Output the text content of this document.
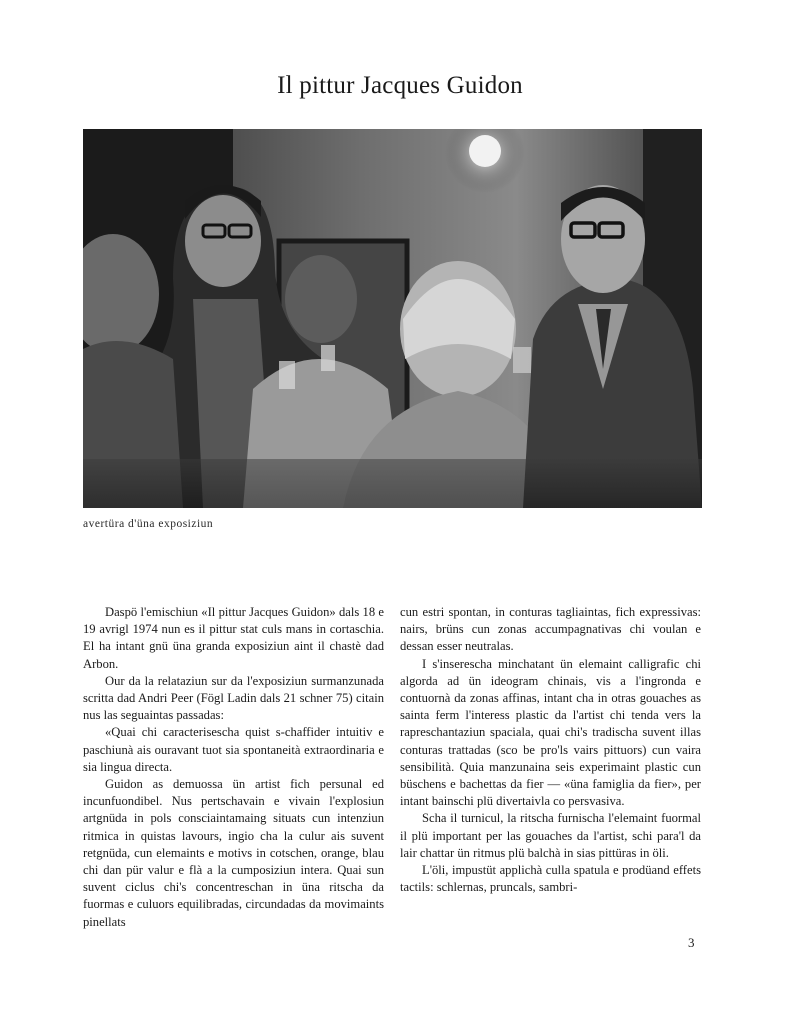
Il pittur Jacques Guidon
avertüra d'üna exposiziun

Daspö l'emischiun «Il pittur Jacques Guidon» dals 18 e 19 avrigl 1974 nun es il pittur stat culs mans in cortaschia. El ha intant gnü üna granda exposiziun aint il chastè dad Arbon.

Our da la relataziun sur da l'exposiziun surmanzunada scritta dad Andri Peer (Fögl Ladin dals 21 schner 75) citain nus las seguaintas passadas:

«Quai chi caracterisescha quist s-chaffider intuitiv e paschiunà ais ouravant tuot sia spontaneità extraordinaria e sia lingua directa.

Guidon as demuossa ün artist fich persunal ed incunfuondibel. Nus pertschavain e vivain l'explosiun artgnüda in pols consciaintamaing situats cun intenziun ritmica in quistas lavours, ingio cha la culur ais suvent retgnüda, cun elemaints e motivs in cotschen, orange, blau chi dan pür valur e flà a la cumposiziun intera. Quai sun suvent ciclus chi's concentreschan in üna ritscha da fuormas e culuors equilibradas, circundadas da movimaints pinellats

cun estri spontan, in conturas tagliaintas, fich expressivas: nairs, brüns cun zonas accumpagnativas chi voulan e dessan esser neutralas.

I s'inserescha minchatant ün elemaint calligrafic chi algorda ad ün ideogram chinais, vis a l'ingronda e contuornà da zonas affinas, intant cha in otras gouaches as sainta ferm l'interess plastic da l'artist chi tenda vers la rapreschantaziun spaciala, quai chi's tradischa suvent illas conturas trattadas (sco be pro'ls vairs pittuors) cun vaira sensibilità. Quia manzunaina seis experimaint plastic cun büschens e bachettas da fier — «üna famiglia da fier», per intant bainschi plü divertaivla co persvasiva.

Scha il turnicul, la ritscha furnischa l'elemaint fuormal il plü important per las gouaches da l'artist, schi para'l da lair chattar ün ritmus plü balchà in sias pittüras in öli.

L'öli, impustüt applichà culla spatula e prodüand effets tactils: schlernas, pruncals, sambri-

3
